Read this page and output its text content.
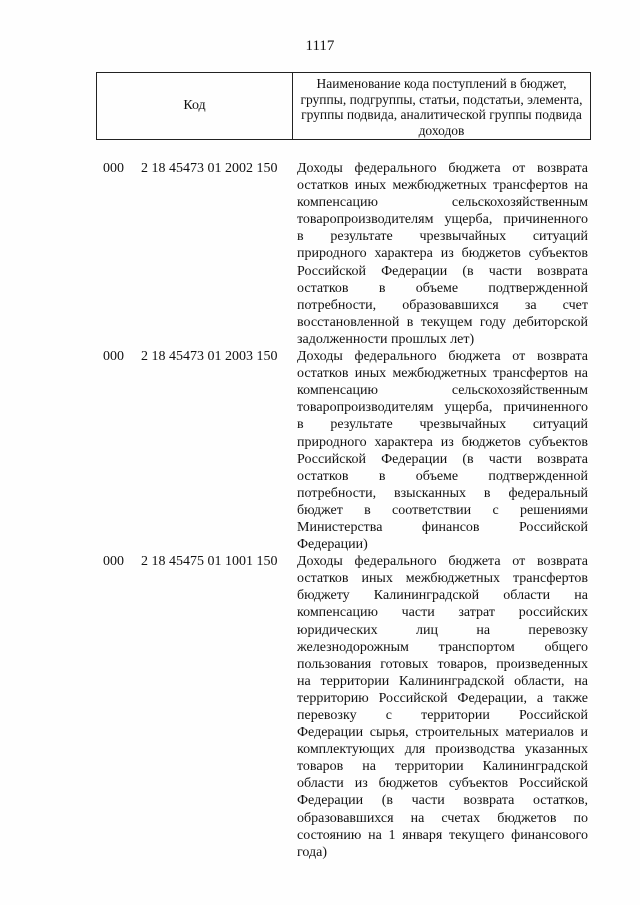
1117
Код
Наименование кода поступлений в бюджет, группы, подгруппы, статьи, подстатьи, элемента, группы подвида, аналитической группы подвида доходов
000 2 18 45473 01 2002 150 Доходы федерального бюджета от возврата
остатков иных межбюджетных трансфертов на
компенсацию сельскохозяйственным
товаропроизводителям ущерба, причиненного
в результате чрезвычайных ситуаций
природного характера из бюджетов субъектов
Российской Федерации (в части возврата
остатков в объеме подтвержденной
потребности, образовавшихся за счет
восстановленной в текущем году дебиторской
задолженности прошлых лет)
000 2 18 45473 01 2003 150 Доходы федерального бюджета от возврата
остатков иных межбюджетных трансфертов на
компенсацию сельскохозяйственным
товаропроизводителям ущерба, причиненного
в результате чрезвычайных ситуаций
природного характера из бюджетов субъектов
Российской Федерации (в части возврата
остатков в объеме подтвержденной
потребности, взысканных в федеральный
бюджет в соответствии с решениями
Министерства финансов Российской
Федерации)
000 2 18 45475 01 1001 150 Доходы федерального бюджета от возврата
остатков иных межбюджетных трансфертов
бюджету Калининградской области на
компенсацию части затрат российских
юридических лиц на перевозку
железнодорожным транспортом общего
пользования готовых товаров, произведенных
на территории Калининградской области, на
территорию Российской Федерации, а также
перевозку с территории Российской
Федерации сырья, строительных материалов и
комплектующих для производства указанных
товаров на территории Калининградской
области из бюджетов субъектов Российской
Федерации (в части возврата остатков,
образовавшихся на счетах бюджетов по
состоянию на 1 января текущего финансового
года)
